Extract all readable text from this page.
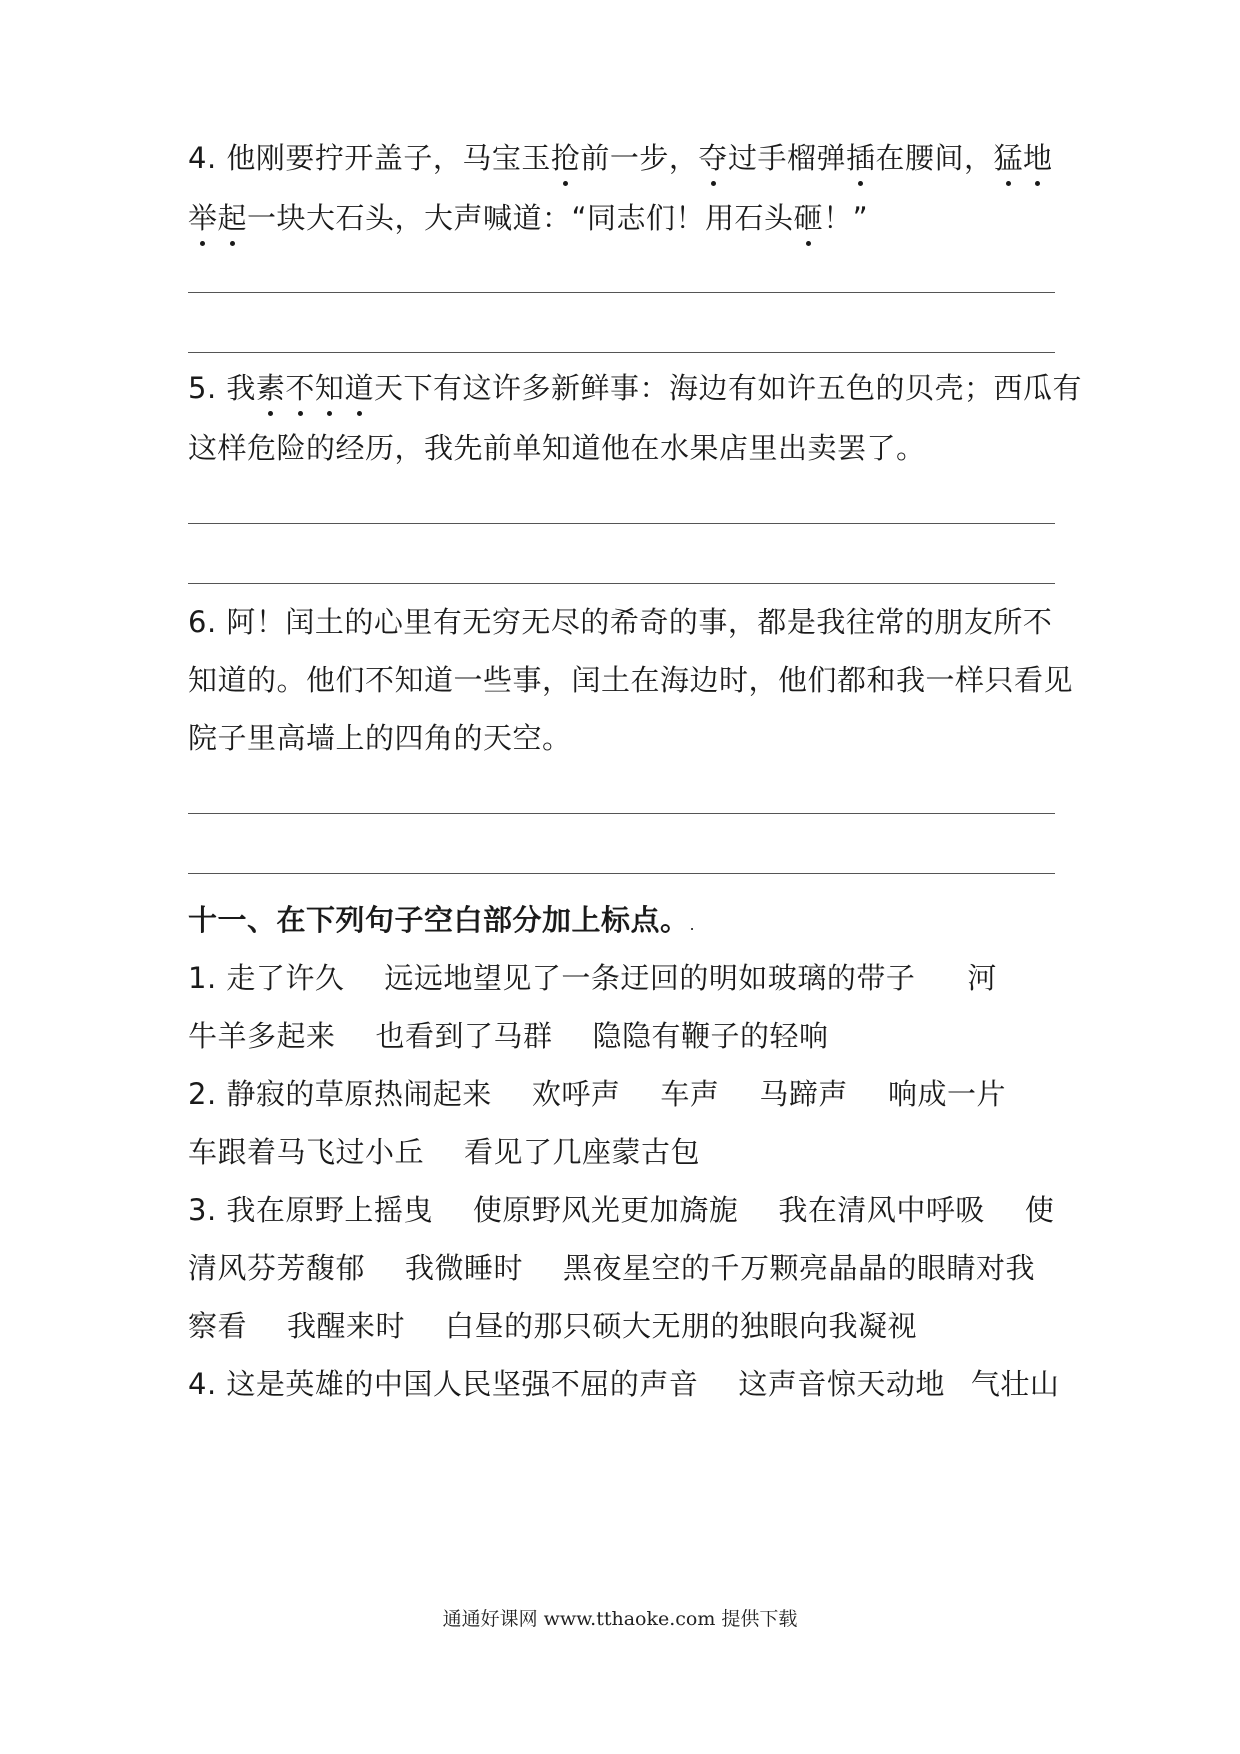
4. 他刚要拧开盖子，马宝玉抢前一步，夺过手榴弹插在腰间，猛地
举起一块大石头，大声喊道：“同志们！用石头砸！”
5. 我素不知道天下有这许多新鲜事：海边有如许五色的贝壳；西瓜有
这样危险的经历，我先前单知道他在水果店里出卖罢了。
6. 阿！闰土的心里有无穷无尽的希奇的事，都是我往常的朋友所不
知道的。他们不知道一些事，闰土在海边时，他们都和我一样只看见
院子里高墙上的四角的天空。
十一、在下列句子空白部分加上标点。.
1. 走了许久 远远地望见了一条迂回的明如玻璃的带子 河
牛羊多起来 也看到了马群 隐隐有鞭子的轻响
2. 静寂的草原热闹起来 欢呼声 车声 马蹄声 响成一片
车跟着马飞过小丘 看见了几座蒙古包
3. 我在原野上摇曳 使原野风光更加旖旎 我在清风中呼吸 使
清风芬芳馥郁 我微睡时 黑夜星空的千万颗亮晶晶的眼睛对我
察看 我醒来时 白昼的那只硕大无朋的独眼向我凝视
4. 这是英雄的中国人民坚强不屈的声音 这声音惊天动地 气壮山
通通好课网 www.tthaoke.com 提供下载
